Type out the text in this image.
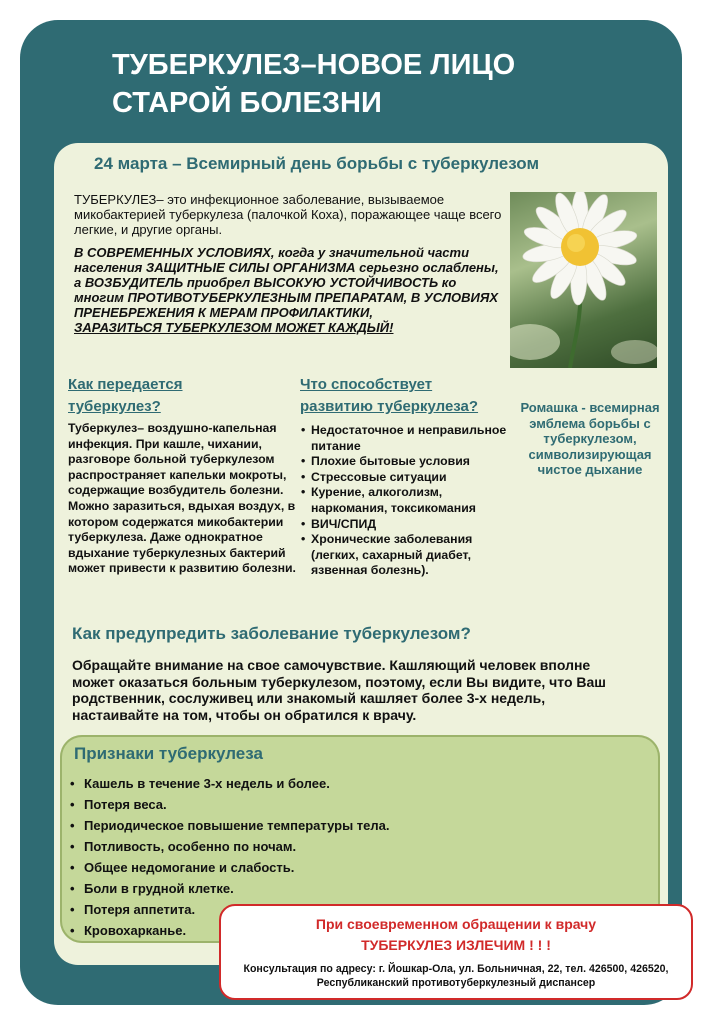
ТУБЕРКУЛЕЗ–НОВОЕ ЛИЦО
СТАРОЙ БОЛЕЗНИ
24 марта – Всемирный день борьбы с туберкулезом

ТУБЕРКУЛЕЗ– это инфекционное заболевание, вызываемое микобактерией туберкулеза (палочкой Коха), поражающее чаще всего легкие, и другие органы.

В СОВРЕМЕННЫХ УСЛОВИЯХ, когда у значительной части населения ЗАЩИТНЫЕ СИЛЫ ОРГАНИЗМА серьезно ослаблены, а ВОЗБУДИТЕЛЬ приобрел ВЫСОКУЮ УСТОЙЧИВОСТЬ ко многим ПРОТИВОТУБЕРКУЛЕЗНЫМ ПРЕПАРАТАМ, В УСЛОВИЯХ ПРЕНЕБРЕЖЕНИЯ К МЕРАМ ПРОФИЛАКТИКИ,
ЗАРАЗИТЬСЯ ТУБЕРКУЛЕЗОМ МОЖЕТ КАЖДЫЙ!

Как передается
туберкулез?
Что способствует
развитию туберкулеза?
Туберкулез– воздушно-капельная инфекция. При кашле, чихании, разговоре больной туберкулезом распространяет капельки мокроты, содержащие возбудитель болезни. Можно заразиться, вдыхая воздух, в котором содержатся микобактерии туберкулеза. Даже однократное вдыхание туберкулезных бактерий может привести к развитию болезни.
• Недостаточное и неправильное питание
• Плохие бытовые условия
• Стрессовые ситуации
• Курение, алкоголизм, наркомания, токсикомания
• ВИЧ/СПИД
• Хронические заболевания (легких, сахарный диабет, язвенная болезнь).
Ромашка - всемирная эмблема борьбы с туберкулезом, символизирующая чистое дыхание
Как предупредить заболевание туберкулезом?
Обращайте внимание на свое самочувствие. Кашляющий человек вполне может оказаться больным туберкулезом, поэтому, если Вы видите, что Ваш родственник, сослуживец или знакомый кашляет более 3-х недель, настаивайте на том, чтобы он обратился к врачу.
Признаки туберкулеза
• Кашель в течение 3-х недель и более.
• Потеря веса.
• Периодическое повышение температуры тела.
• Потливость, особенно по ночам.
• Общее недомогание и слабость.
• Боли в грудной клетке.
• Потеря аппетита.
• Кровохарканье.	При своевременном обращении к врачу
ТУБЕРКУЛЕЗ ИЗЛЕЧИМ ! ! !
Консультация по адресу: г. Йошкар-Ола, ул. Больничная, 22, тел. 426500, 426520, Республиканский противотуберкулезный диспансер
